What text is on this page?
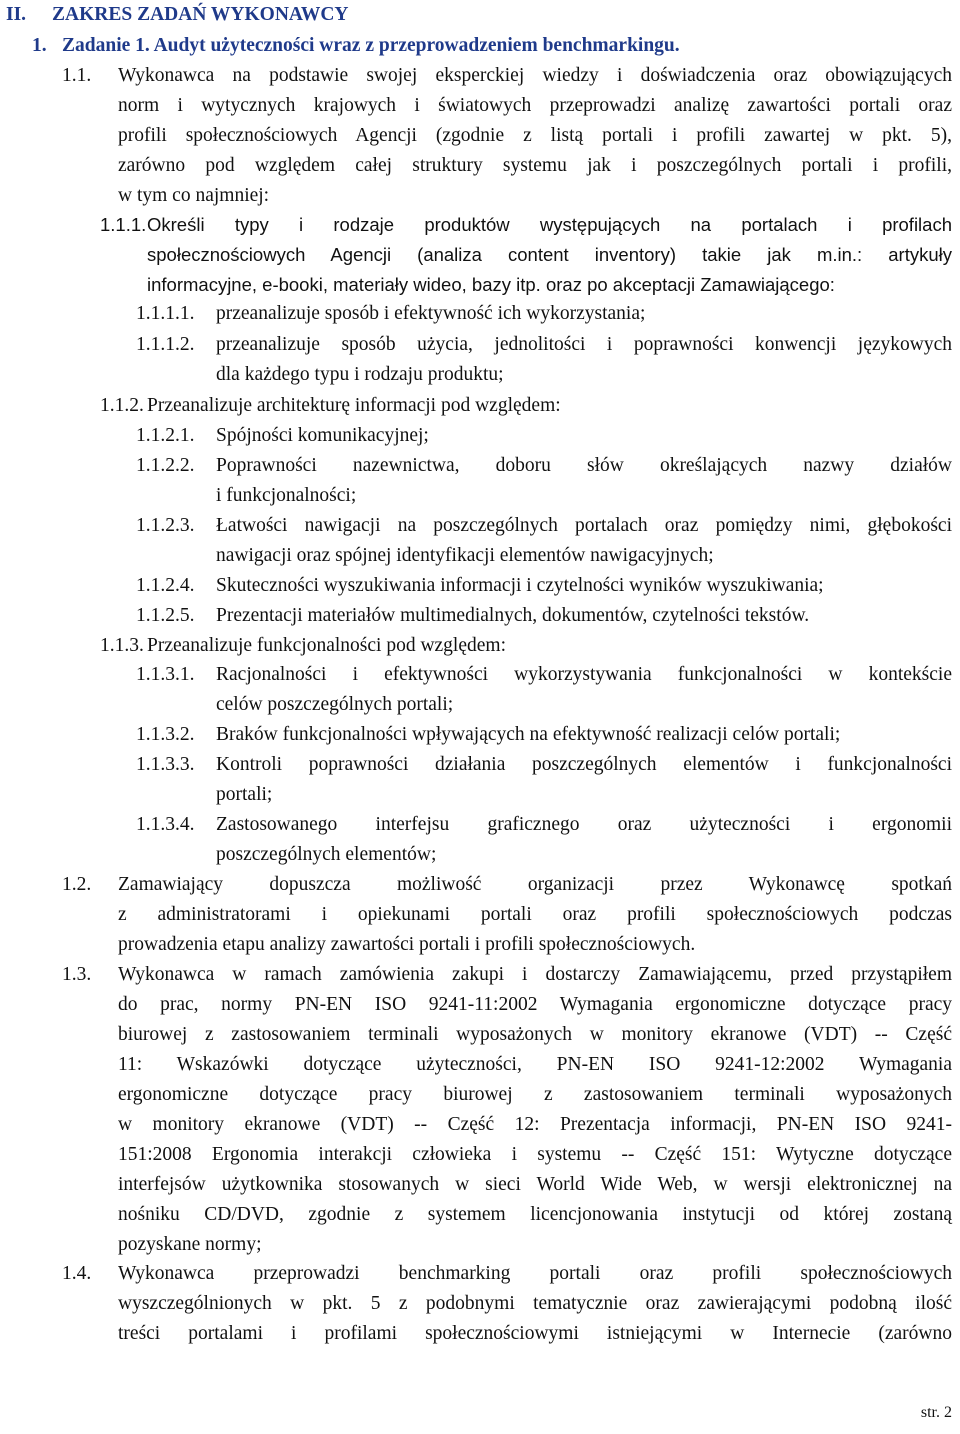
II. ZAKRES ZADAŃ WYKONAWCY
1. Zadanie 1. Audyt użyteczności wraz z przeprowadzeniem benchmarkingu.
1.1. Wykonawca na podstawie swojej eksperckiej wiedzy i doświadczenia oraz obowiązujących
norm i wytycznych krajowych i światowych przeprowadzi analizę zawartości portali oraz
profili społecznościowych Agencji (zgodnie z listą portali i profili zawartej w pkt. 5),
zarówno pod względem całej struktury systemu jak i poszczególnych portali i profili,
w tym co najmniej:
1.1.1. Określi typy i rodzaje produktów występujących na portalach i profilach
społecznościowych Agencji (analiza content inventory) takie jak m.in.: artykuły
informacyjne, e-booki, materiały wideo, bazy itp. oraz po akceptacji Zamawiającego:
1.1.1.1. przeanalizuje sposób i efektywność ich wykorzystania;
1.1.1.2. przeanalizuje sposób użycia, jednolitości i poprawności konwencji językowych
dla każdego typu i rodzaju produktu;
1.1.2. Przeanalizuje architekturę informacji pod względem:
1.1.2.1. Spójności komunikacyjnej;
1.1.2.2. Poprawności nazewnictwa, doboru słów określających nazwy działów
i funkcjonalności;
1.1.2.3. Łatwości nawigacji na poszczególnych portalach oraz pomiędzy nimi, głębokości
nawigacji oraz spójnej identyfikacji elementów nawigacyjnych;
1.1.2.4. Skuteczności wyszukiwania informacji i czytelności wyników wyszukiwania;
1.1.2.5. Prezentacji materiałów multimedialnych, dokumentów, czytelności tekstów.
1.1.3. Przeanalizuje funkcjonalności pod względem:
1.1.3.1. Racjonalności i efektywności wykorzystywania funkcjonalności w kontekście
celów poszczególnych portali;
1.1.3.2. Braków funkcjonalności wpływających na efektywność realizacji celów portali;
1.1.3.3. Kontroli poprawności działania poszczególnych elementów i funkcjonalności
portali;
1.1.3.4. Zastosowanego interfejsu graficznego oraz użyteczności i ergonomii
poszczególnych elementów;
1.2. Zamawiający dopuszcza możliwość organizacji przez Wykonawcę spotkań
z administratorami i opiekunami portali oraz profili społecznościowych podczas
prowadzenia etapu analizy zawartości portali i profili społecznościowych.
1.3. Wykonawca w ramach zamówienia zakupi i dostarczy Zamawiającemu, przed przystąpiłem
do prac, normy PN-EN ISO 9241-11:2002 Wymagania ergonomiczne dotyczące pracy
biurowej z zastosowaniem terminali wyposażonych w monitory ekranowe (VDT) -- Część
11: Wskazówki dotyczące użyteczności, PN-EN ISO 9241-12:2002 Wymagania
ergonomiczne dotyczące pracy biurowej z zastosowaniem terminali wyposażonych
w monitory ekranowe (VDT) -- Część 12: Prezentacja informacji, PN-EN ISO 9241-
151:2008 Ergonomia interakcji człowieka i systemu -- Część 151: Wytyczne dotyczące
interfejsów użytkownika stosowanych w sieci World Wide Web, w wersji elektronicznej na
nośniku CD/DVD, zgodnie z systemem licencjonowania instytucji od której zostaną
pozyskane normy;
1.4. Wykonawca przeprowadzi benchmarking portali oraz profili społecznościowych
wyszczególnionych w pkt. 5 z podobnymi tematycznie oraz zawierającymi podobną ilość
treści portalami i profilami społecznościowymi istniejącymi w Internecie (zarówno
str. 2
